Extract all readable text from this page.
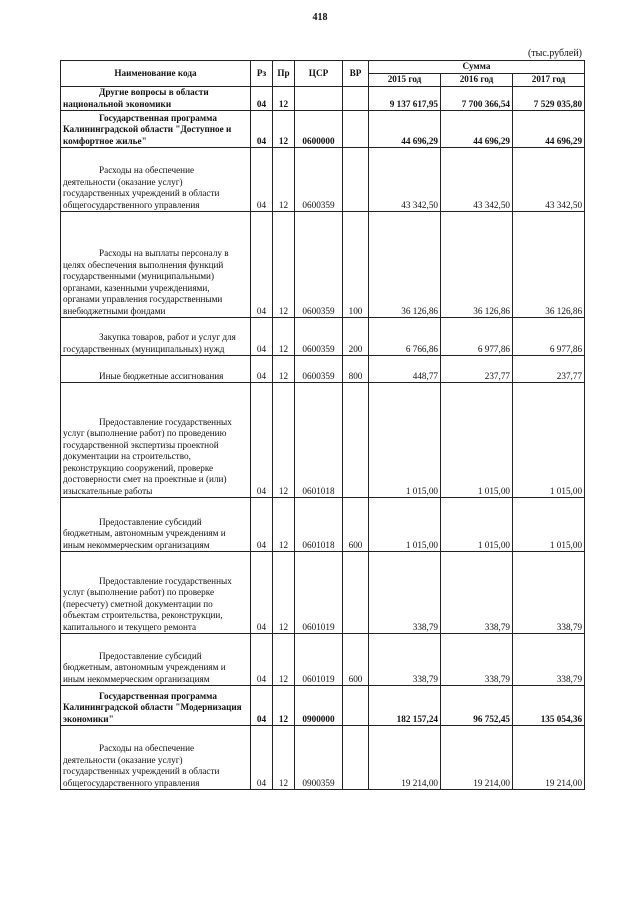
418
(тыс.рублей)
Наименование кода	Рз	Пр	ЦСР	ВР	Сумма		
					2015 год	2016 год	2017 год

Другие вопросы в области национальной экономики	04	12			9 137 617,95	7 700 366,54	7 529 035,80

Государственная программа Калининградской области "Доступное и комфортное жилье"	04	12	0600000		44 696,29	44 696,29	44 696,29

Расходы на обеспечение деятельности (оказание услуг) государственных учреждений в области общегосударственного управления	04	12	0600359		43 342,50	43 342,50	43 342,50

Расходы на выплаты персоналу в целях обеспечения выполнения функций государственными (муниципальными) органами, казенными учреждениями, органами управления государственными внебюджетными фондами	04	12	0600359	100	36 126,86	36 126,86	36 126,86

Закупка товаров, работ и услуг для государственных (муниципальных) нужд	04	12	0600359	200	6 766,86	6 977,86	6 977,86

Иные бюджетные ассигнования	04	12	0600359	800	448,77	237,77	237,77

Предоставление государственных услуг (выполнение работ) по проведению государственной экспертизы проектной документации на строительство, реконструкцию сооружений, проверке достоверности смет на проектные и (или) изыскательные работы	04	12	0601018		1 015,00	1 015,00	1 015,00

Предоставление субсидий бюджетным, автономным учреждениям и иным некоммерческим организациям	04	12	0601018	600	1 015,00	1 015,00	1 015,00

Предоставление государственных услуг (выполнение работ) по проверке (пересчету) сметной документации по объектам строительства, реконструкции, капитального и текущего ремонта	04	12	0601019		338,79	338,79	338,79

Предоставление субсидий бюджетным, автономным учреждениям и иным некоммерческим организациям	04	12	0601019	600	338,79	338,79	338,79

Государственная программа Калининградской области "Модернизация экономики"	04	12	0900000		182 157,24	96 752,45	135 054,36

Расходы на обеспечение деятельности (оказание услуг) государственных учреждений в области общегосударственного управления	04	12	0900359		19 214,00	19 214,00	19 214,00
